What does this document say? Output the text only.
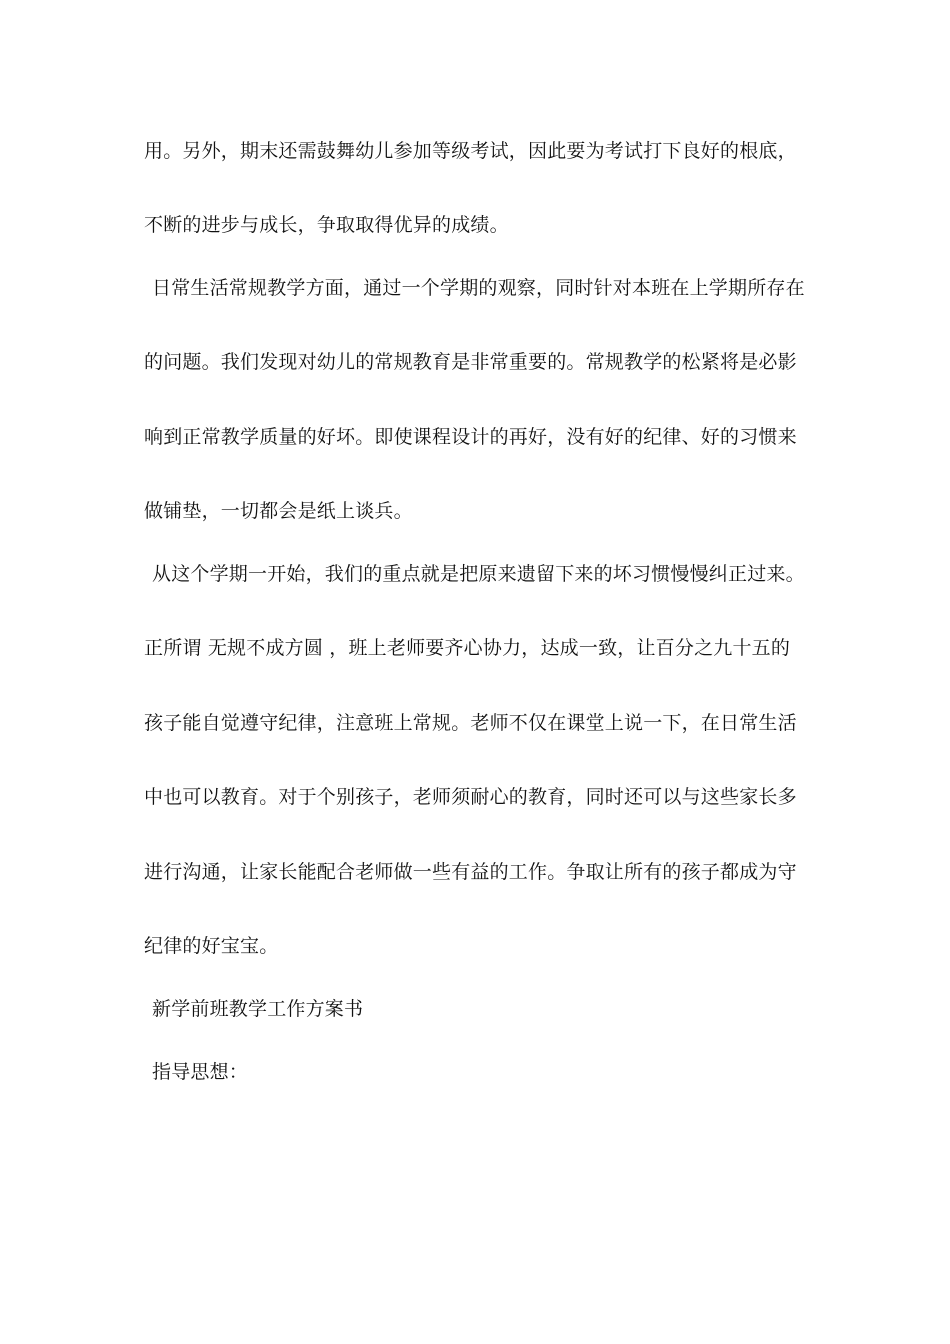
用。另外，期末还需鼓舞幼儿参加等级考试，因此要为考试打下良好的根底，
不断的进步与成长，争取取得优异的成绩。
日常生活常规教学方面，通过一个学期的观察，同时针对本班在上学期所存在
的问题。我们发现对幼儿的常规教育是非常重要的。常规教学的松紧将是必影
响到正常教学质量的好坏。即使课程设计的再好，没有好的纪律、好的习惯来
做铺垫，一切都会是纸上谈兵。
从这个学期一开始，我们的重点就是把原来遗留下来的坏习惯慢慢纠正过来。
正所谓 无规不成方圆 ，班上老师要齐心协力，达成一致，让百分之九十五的
孩子能自觉遵守纪律，注意班上常规。老师不仅在课堂上说一下，在日常生活
中也可以教育。对于个别孩子，老师须耐心的教育，同时还可以与这些家长多
进行沟通，让家长能配合老师做一些有益的工作。争取让所有的孩子都成为守
纪律的好宝宝。
新学前班教学工作方案书
指导思想：
